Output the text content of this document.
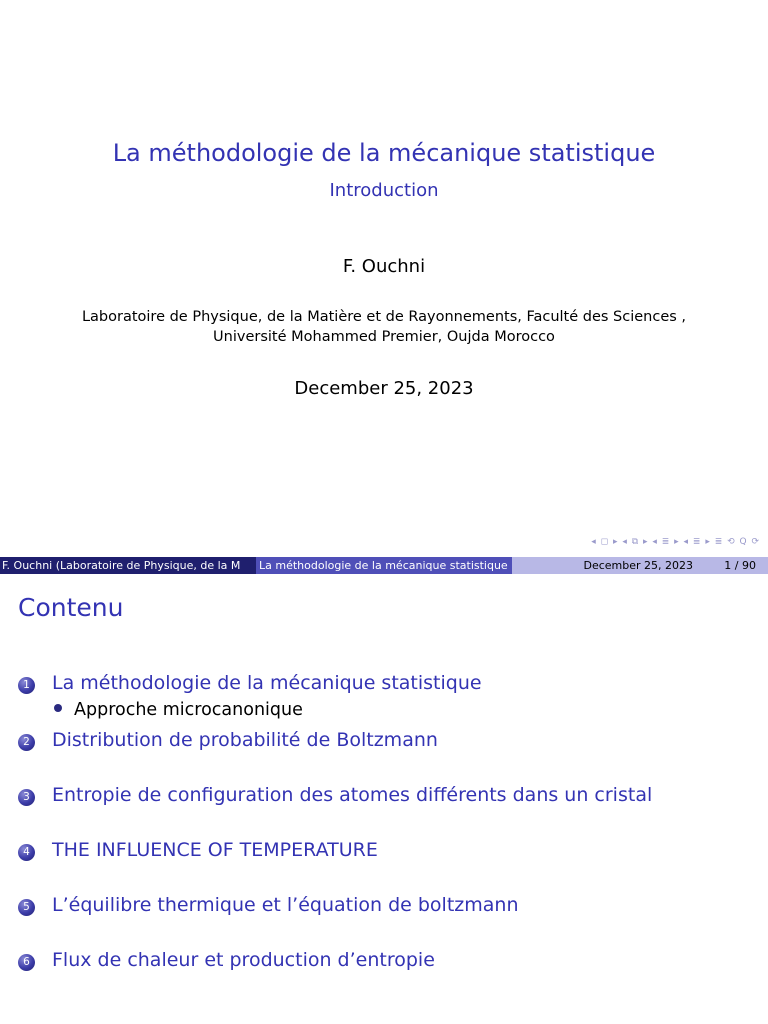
La méthodologie de la mécanique statistique
Introduction
F. Ouchni
Laboratoire de Physique, de la Matière et de Rayonnements, Faculté des Sciences ,
Université Mohammed Premier, Oujda Morocco
December 25, 2023
◂ ◻ ▸ ◂ ⧉ ▸ ◂ ≣ ▸ ◂ ≣ ▸ ≣ ⟲ Q ⟳
F. Ouchni (Laboratoire de Physique, de la M	La méthodologie de la mécanique statistique	December 25, 2023	1 / 90
Contenu
1 La méthodologie de la mécanique statistique
Approche microcanonique
2 Distribution de probabilité de Boltzmann
3 Entropie de configuration des atomes différents dans un cristal
4 THE INFLUENCE OF TEMPERATURE
5 L’équilibre thermique et l’équation de boltzmann
6 Flux de chaleur et production d’entropie
